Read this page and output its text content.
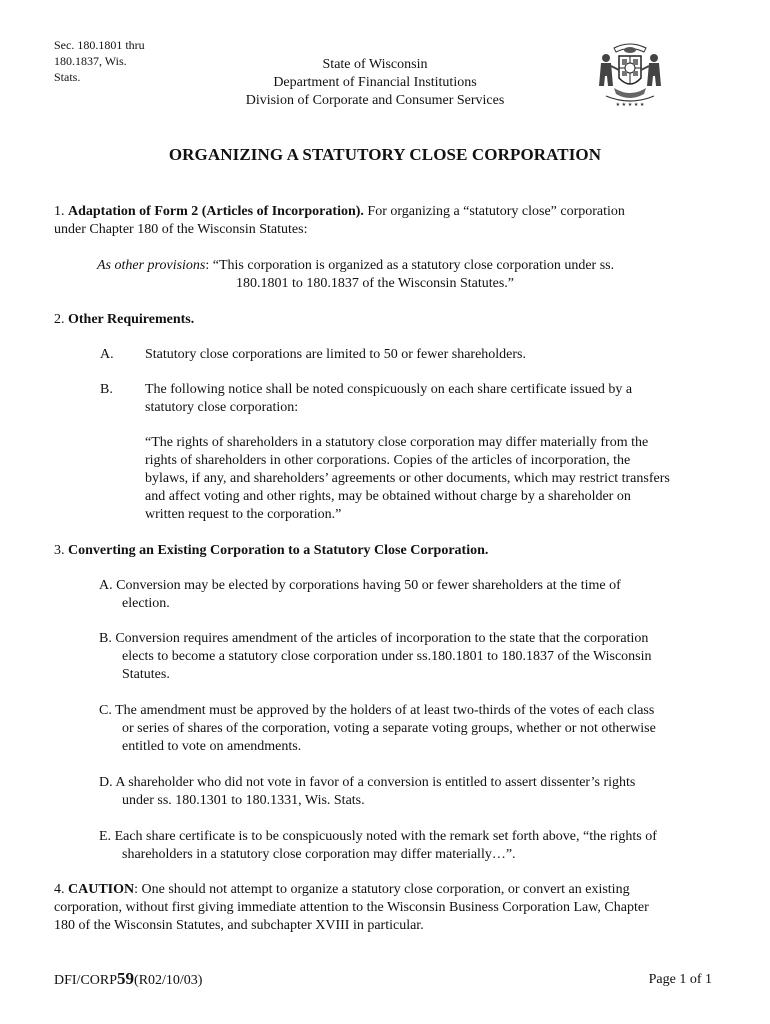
Sec. 180.1801 thru
180.1837, Wis.
Stats.
State of Wisconsin
Department of Financial Institutions
Division of Corporate and Consumer Services	★ ★ ★ ★ ★
ORGANIZING A STATUTORY CLOSE CORPORATION
1. Adaptation of Form 2 (Articles of Incorporation). For organizing a “statutory close” corporation
under Chapter 180 of the Wisconsin Statutes:
As other provisions: “This corporation is organized as a statutory close corporation under ss.
180.1801 to 180.1837 of the Wisconsin Statutes.”
2. Other Requirements.
A. Statutory close corporations are limited to 50 or fewer shareholders.
B. The following notice shall be noted conspicuously on each share certificate issued by a
statutory close corporation:
“The rights of shareholders in a statutory close corporation may differ materially from the
rights of shareholders in other corporations. Copies of the articles of incorporation, the
bylaws, if any, and shareholders’ agreements or other documents, which may restrict transfers
and affect voting and other rights, may be obtained without charge by a shareholder on
written request to the corporation.”
3. Converting an Existing Corporation to a Statutory Close Corporation.
A. Conversion may be elected by corporations having 50 or fewer shareholders at the time of
election.
B. Conversion requires amendment of the articles of incorporation to the state that the corporation
elects to become a statutory close corporation under ss.180.1801 to 180.1837 of the Wisconsin
Statutes.
C. The amendment must be approved by the holders of at least two-thirds of the votes of each class
or series of shares of the corporation, voting a separate voting groups, whether or not otherwise
entitled to vote on amendments.
D. A shareholder who did not vote in favor of a conversion is entitled to assert dissenter’s rights
under ss. 180.1301 to 180.1331, Wis. Stats.
E. Each share certificate is to be conspicuously noted with the remark set forth above, “the rights of
shareholders in a statutory close corporation may differ materially…”.
4. CAUTION: One should not attempt to organize a statutory close corporation, or convert an existing
corporation, without first giving immediate attention to the Wisconsin Business Corporation Law, Chapter
180 of the Wisconsin Statutes, and subchapter XVIII in particular.
DFI/CORP59(R02/10/03)	Page 1 of 1
